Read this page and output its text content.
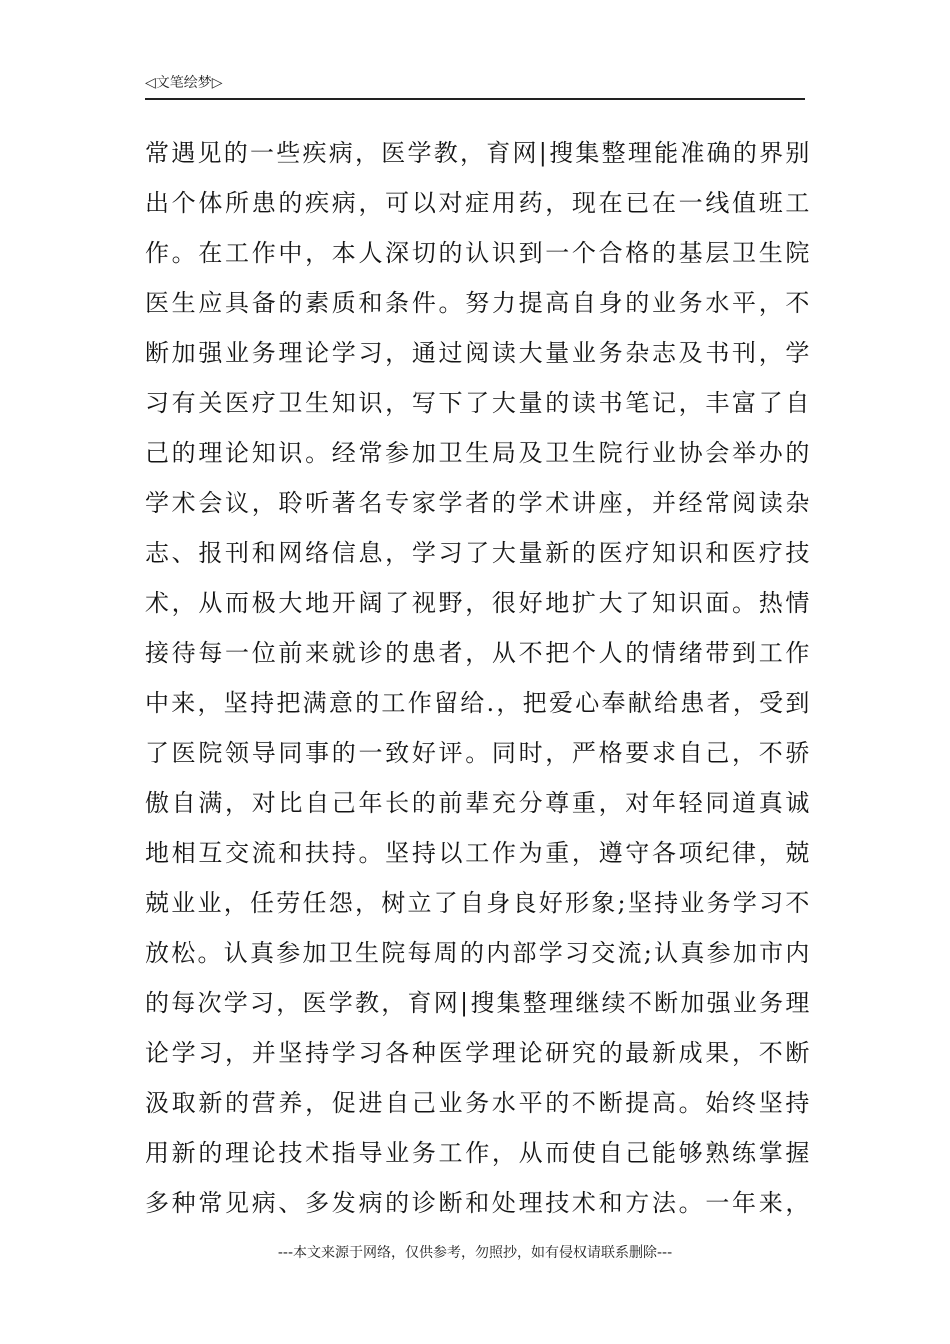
◁文笔绘梦▷
常遇见的一些疾病，医学教，育网|搜集整理能准确的界别
出个体所患的疾病，可以对症用药，现在已在一线值班工
作。在工作中，本人深切的认识到一个合格的基层卫生院
医生应具备的素质和条件。努力提高自身的业务水平，不
断加强业务理论学习，通过阅读大量业务杂志及书刊，学
习有关医疗卫生知识，写下了大量的读书笔记，丰富了自
己的理论知识。经常参加卫生局及卫生院行业协会举办的
学术会议，聆听著名专家学者的学术讲座，并经常阅读杂
志、报刊和网络信息，学习了大量新的医疗知识和医疗技
术，从而极大地开阔了视野，很好地扩大了知识面。热情
接待每一位前来就诊的患者，从不把个人的情绪带到工作
中来，坚持把满意的工作留给.，把爱心奉献给患者，受到
了医院领导同事的一致好评。同时，严格要求自己，不骄
傲自满，对比自己年长的前辈充分尊重，对年轻同道真诚
地相互交流和扶持。坚持以工作为重，遵守各项纪律，兢
兢业业，任劳任怨，树立了自身良好形象;坚持业务学习不
放松。认真参加卫生院每周的内部学习交流;认真参加市内
的每次学习，医学教，育网|搜集整理继续不断加强业务理
论学习，并坚持学习各种医学理论研究的最新成果，不断
汲取新的营养，促进自己业务水平的不断提高。始终坚持
用新的理论技术指导业务工作，从而使自己能够熟练掌握
多种常见病、多发病的诊断和处理技术和方法。一年来，
---本文来源于网络，仅供参考，勿照抄，如有侵权请联系删除---
